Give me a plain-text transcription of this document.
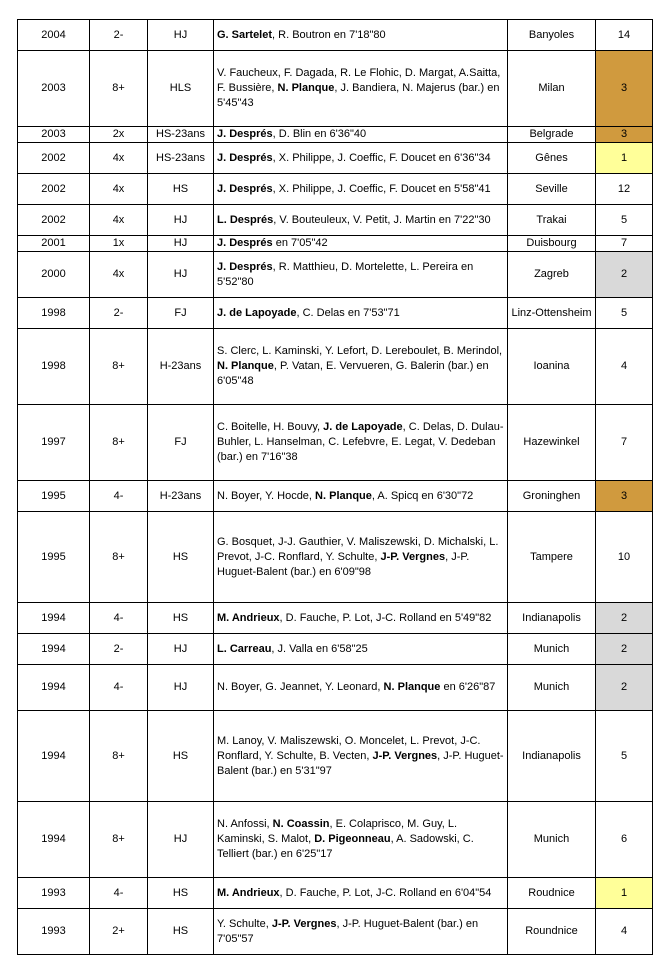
2004	2-	HJ	G. Sartelet, R. Boutron en 7'18"80	Banyoles	14
2003	8+	HLS	V. Faucheux, F. Dagada, R. Le Flohic, D. Margat, A.Saitta, F. Bussière, N. Planque, J. Bandiera, N. Majerus (bar.) en 5'45"43	Milan	3
2003	2x	HS-23ans	J. Després, D. Blin en 6'36"40	Belgrade	3
2002	4x	HS-23ans	J. Després, X. Philippe, J. Coeffic, F. Doucet en 6'36"34	Gênes	1
2002	4x	HS	J. Després, X. Philippe, J. Coeffic, F. Doucet en 5'58"41	Seville	12
2002	4x	HJ	L. Després, V. Bouteuleux, V. Petit, J. Martin en 7'22"30	Trakai	5
2001	1x	HJ	J. Després en 7'05"42	Duisbourg	7
2000	4x	HJ	J. Després, R. Matthieu, D. Mortelette, L. Pereira en 5'52"80	Zagreb	2
1998	2-	FJ	J. de Lapoyade, C. Delas en 7'53"71	Linz-Ottensheim	5
1998	8+	H-23ans	S. Clerc, L. Kaminski, Y. Lefort, D. Lereboulet, B. Merindol, N. Planque, P. Vatan, E. Vervueren, G. Balerin (bar.) en 6'05"48	Ioanina	4
1997	8+	FJ	C. Boitelle, H. Bouvy, J. de Lapoyade, C. Delas, D. Dulau-Buhler, L. Hanselman, C. Lefebvre, E. Legat, V. Dedeban (bar.) en 7'16"38	Hazewinkel	7
1995	4-	H-23ans	N. Boyer, Y. Hocde, N. Planque, A. Spicq en 6'30"72	Groninghen	3
1995	8+	HS	G. Bosquet, J-J. Gauthier, V. Maliszewski, D. Michalski, L. Prevot, J-C. Ronflard, Y. Schulte, J-P. Vergnes, J-P. Huguet-Balent (bar.) en 6'09"98	Tampere	10
1994	4-	HS	M. Andrieux, D. Fauche, P. Lot, J-C. Rolland en 5'49"82	Indianapolis	2
1994	2-	HJ	L. Carreau, J. Valla en 6'58"25	Munich	2
1994	4-	HJ	N. Boyer, G. Jeannet, Y. Leonard, N. Planque en 6'26"87	Munich	2
1994	8+	HS	M. Lanoy, V. Maliszewski, O. Moncelet, L. Prevot, J-C. Ronflard, Y. Schulte, B. Vecten, J-P. Vergnes, J-P. Huguet-Balent (bar.) en 5'31"97	Indianapolis	5
1994	8+	HJ	N. Anfossi, N. Coassin, E. Colaprisco, M. Guy, L. Kaminski, S. Malot, D. Pigeonneau, A. Sadowski, C. Telliert (bar.) en 6'25"17	Munich	6
1993	4-	HS	M. Andrieux, D. Fauche, P. Lot, J-C. Rolland en 6'04"54	Roudnice	1
1993	2+	HS	Y. Schulte, J-P. Vergnes, J-P. Huguet-Balent (bar.) en 7'05"57	Roundnice	4
